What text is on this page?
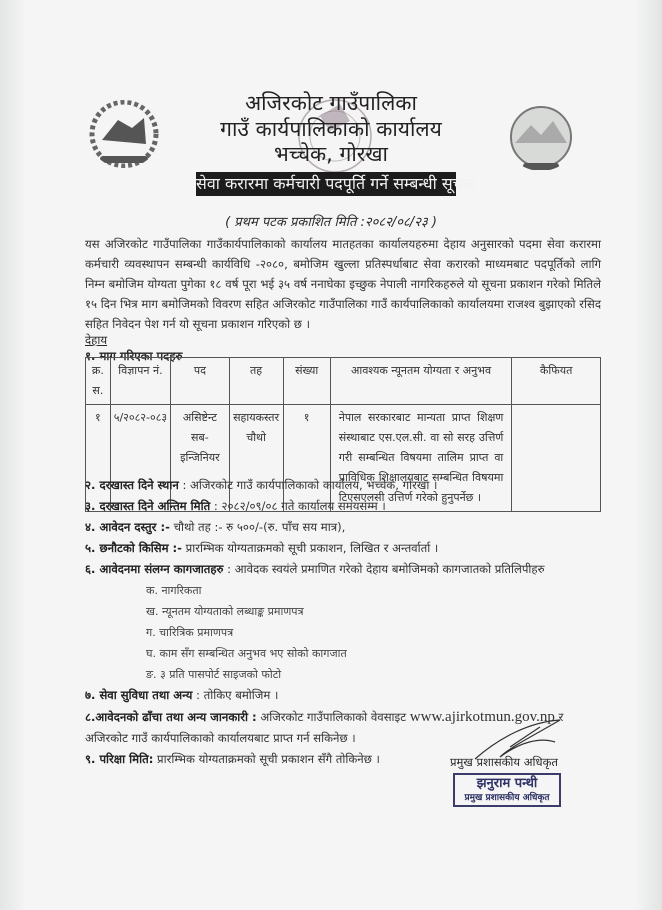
अजिरकोट गाउँपालिका
गाउँ कार्यपालिकाको कार्यालय
भच्चेक, गोरखा
सेवा करारमा कर्मचारी पदपूर्ति गर्ने सम्बन्धी सूचना
( प्रथम पटक प्रकाशित मिति :२०८२/०८/२३ )
यस अजिरकोट गाउँपालिका गाउँकार्यपालिकाको कार्यालय मातहतका कार्यालयहरुमा देहाय अनुसारको पदमा सेवा करारमा कर्मचारी व्यवस्थापन सम्बन्धी कार्यविधि -२०८०, बमोजिम खुल्ला प्रतिस्पर्धाबाट सेवा करारको माध्यमबाट पदपूर्तिको लागि निम्न बमोजिम योग्यता पुगेका १८ वर्ष पूरा भई ३५ वर्ष ननाघेका इच्छुक नेपाली नागरिकहरुले यो सूचना प्रकाशन गरेको मितिले १५ दिन भित्र माग बमोजिमको विवरण सहित अजिरकोट गाउँपालिका गाउँ कार्यपालिकाको कार्यालयमा राजश्व बुझाएको रसिद सहित निवेदन पेश गर्न यो सूचना प्रकाशन गरिएको छ ।
देहाय
१. माग गरिएका पदहरु
क्र. स.	विज्ञापन नं.	पद	तह	संख्या	आवश्यक न्यूनतम योग्यता र अनुभव	कैफियत
१	५/२०८२-०८३	असिष्टेन्ट सब-इन्जिनियर	सहायकस्तर चौथो	१	नेपाल सरकारबाट मान्यता प्राप्त शिक्षण संस्थाबाट एस.एल.सी. वा सो सरह उत्तिर्ण गरी सम्बन्धित विषयमा तालिम प्राप्त वा प्राविधिक शिक्षालयबाट सम्बन्धित विषयमा टिएसएलसी उत्तिर्ण गरेको हुनुपर्नेछ ।	
२. दरखास्त दिने स्थान : अजिरकोट गाउँ कार्यपालिकाको कार्यालय, भच्चेक, गोरखा ।
३. दरखास्त दिने अन्तिम मिति : २०८२/०९/०८ गते कार्यालय समयसम्म ।
४. आवेदन दस्तुर :- चौथो तह :- रु ५००/-(रु. पाँच सय मात्र),
५. छनौटको किसिम :- प्रारम्भिक योग्यताक्रमको सूची प्रकाशन, लिखित र अन्तर्वार्ता ।
६. आवेदनमा संलग्न कागजातहरु : आवेदक स्वयंले प्रमाणित गरेको देहाय बमोजिमको कागजातको प्रतिलिपीहरु
क. नागरिकता
ख. न्यूनतम योग्यताको लब्धाङ्क प्रमाणपत्र
ग. चारित्रिक प्रमाणपत्र
घ. काम सँग सम्बन्धित अनुभव भए सोको कागजात
ङ. ३ प्रति पासपोर्ट साइजको फोटो
७. सेवा सुविधा तथा अन्य : तोकिए बमोजिम ।
८.आवेदनको ढाँचा तथा अन्य जानकारी : अजिरकोट गाउँपालिकाको वेवसाइट www.ajirkotmun.gov.np र
अजिरकोट गाउँ कार्यपालिकाको कार्यालयबाट प्राप्त गर्न सकिनेछ ।
९. परिक्षा मिति: प्रारम्भिक योग्यताक्रमको सूची प्रकाशन सँगै तोकिनेछ ।	प्रमुख प्रशासकीय अधिकृत
झनुराम पन्थी
प्रमुख प्रशासकीय अधिकृत
